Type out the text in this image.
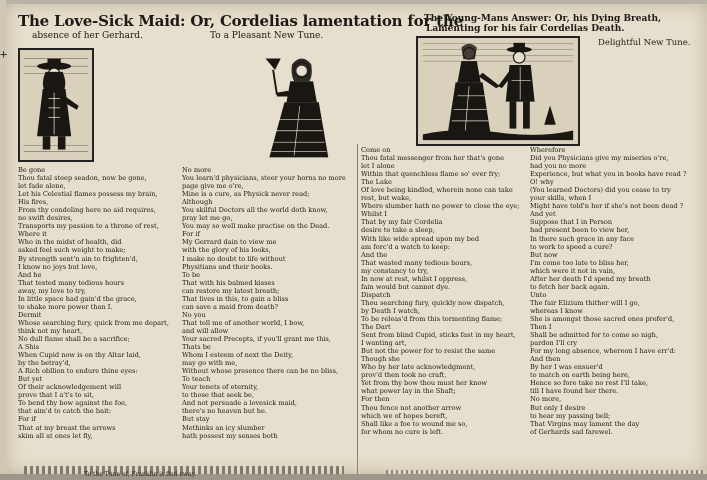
The Love-Sick Maid: Or, Cordelias lamentation for the
absence of her Gerhard.	To a Pleasant New Tune.
The Young-Mans Answer: Or, his Dying Breath,
Lamenting for his fair Cordelias Death.
Delightful New Tune.
Be gone
Thou fatal steep seadon, now be gone,
let fade alone,
Let his Celestial flames possess my brain,
His fires,
From thy condoling here no aid requires,
no swift desires,
Transports my passion to a throne of rest,
Where it
Who in the midst of health, did
asked feel such weight to make;
By strength sent'n ain to frighten'd,
I know no joys but love,
And he
That tested many tedious hours
away, my love to try,
In little space had gain'd the grace,
to shake more power than I.
Dermit
Whose searching fury, quick from me depart,
think not my heart,
No dull flame shall be a sacrifice;
A Shis
When Cupid now is on thy Altar laid,
by the betray'd,
A Rich obllion to endure thine eyes:
But yet
Of their acknowledgement will
prove that I a't's to sit,
To bend thy bow against the foe,
that aim'd to catch the bait:
For if
That at my breast the arrows
skim all at ones let fly,
No more
You learn'd physicians, steer your horns no more
page give me o're,
Mine is a cure, as Physick never read;
Although
You skilful Doctors all the world doth know,
pray let me go,
You may so well make practise on the Dead.
For if
My Gerrard dain to view me
with the glory of his looks,
I make no doubt to life without
Physitians and their books.
To be
That with his balmed kisses
can restore my latest breath;
That lives in this, to gain a bliss
can save a maid from death?
No you
That tell me of another world, I bow,
and will allow
Your sacred Precepts, if you'll grant me this,
Thats be
Whom I esteem of next the Deity,
may go with me,
Without whose presence there can be no bliss,
To teach
Your tenets of eternity,
to those that seek be,
And not persuade a lovesick maid,
there's no heaven but he.
But stay
Methinks an icy slumber
hath possest my senses both
Come on
Thou fatal messenger from her that's gone
let I alone
Within that quenchless flame so' ever fry;
The Lake
Of love being kindled, wherein none can take
rest, but wake,
Where slumber hath no power to close the eye;
Whilst I
That by my fair Cordelia
desire to take a sleep,
With like wide spread upon my bed
am forc'd a watch to keep:
And the
That wasted many tedious hours,
my constancy to try,
In now at rest, whilst I oppress,
fain would but cannot dye.
Dispatch
Thou searching fury, quickly now dispatch,
by Death I watch,
To be releas'd from this tormenting flame;
The Dart
Sent from blind Cupid, sticks fast in my heart,
I wanting art,
But not the power for to resist the same
Though she
Who by her late acknowledgment,
prov'd then took no craft,
Yet from thy bow thou must her know
what power lay in the Shaft;
For then
Thou fence not another arrow
which we of hopes bereft,
Shall like a foe to wound me so,
for whom no cure is left.
Wherefore
Did you Physicians give my miseries o're,
had you no more
Experience, but what you in books have read ?
O! why
(You learned Doctors) did you cease to try
your skills, when I
Might have told'n her if she's not been dead ?
And yet
Suppose that I in Person
had present been to view her,
In there such grace in any face
to work to speed a cure?
But now
I'm come too late to bliss her,
which were it not in vain,
After her death I'd spend my breath
to fetch her back again.
Unto
The fair Elizium thither will I go,
whereas I know
She is amongst those sacred ones prefer'd,
Then I
Shall be admitted for to come so nigh,
pardon I'll cry
For my long absence, whereon I have err'd:
And then
By her I was ensuer'd
to match on earth being here,
Hence so fore take no rest I'll take,
till I have found her there.
No more,
But only I desire
to hear my passing bell;
That Virgins may lament the day
of Gerhards sad farewel.
+
To the Tune of, Franklin is fled away.
